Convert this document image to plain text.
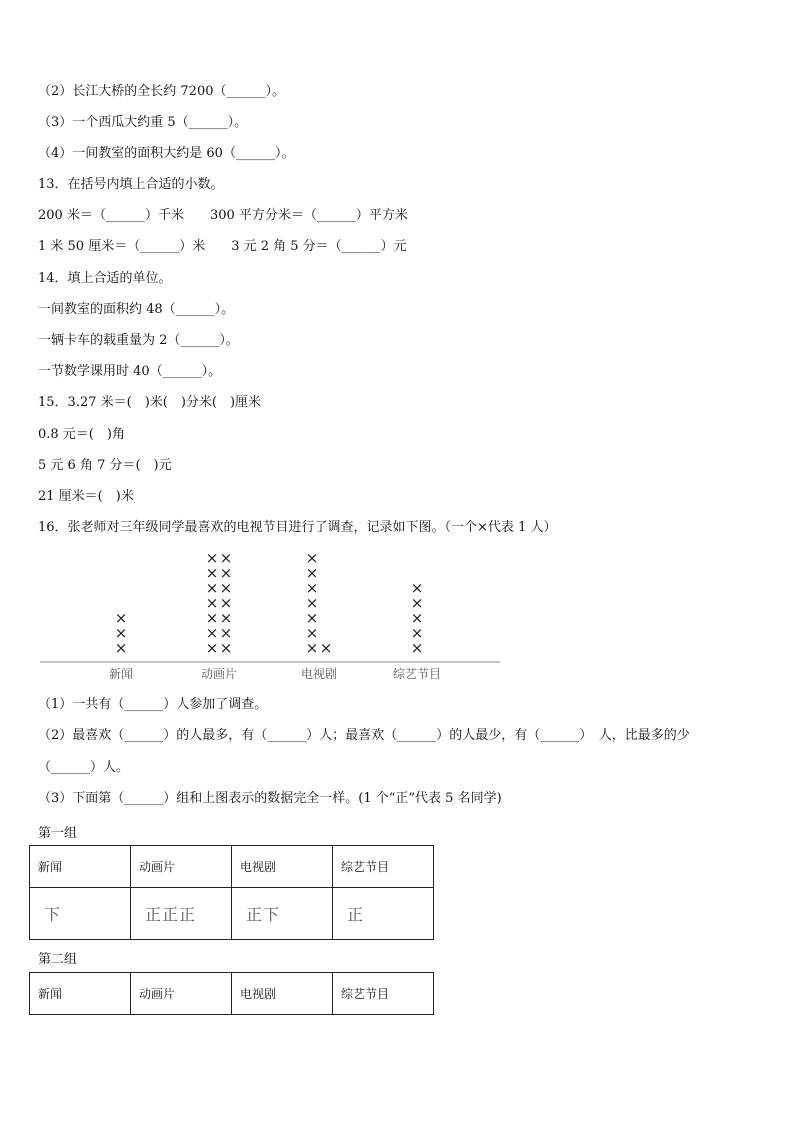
（2）长江大桥的全长约 7200（______）。
（3）一个西瓜大约重 5（______）。
（4）一间教室的面积大约是 60（______）。
13．在括号内填上合适的小数。
200 米＝（______）千米　　300 平方分米＝（______）平方米
1 米 50 厘米＝（______）米　　3 元 2 角 5 分＝（______）元
14．填上合适的单位。
一间教室的面积约 48（______）。
一辆卡车的载重量为 2（______）。
一节数学课用时 40（______）。
15．3.27 米＝(　)米(　)分米(　)厘米
0.8 元＝(　)角
5 元 6 角 7 分＝(　)元
21 厘米＝(　)米
16．张老师对三年级同学最喜欢的电视节目进行了调查，记录如下图。（一个×代表 1 人）
×
×
×
新闻
×
×
×
×
×
×
×
×
×
×
×
×
×
×
动画片
×
×
×
×
×
×
×
×
电视剧
×
×
×
×
×
综艺节目
（1）一共有（______）人参加了调查。
（2）最喜欢（______）的人最多，有（______）人；最喜欢（______）的人最少，有（______）　人，比最多的少
（______）人。
（3）下面第（______）组和上图表示的数据完全一样。(1 个“正”代表 5 名同学)
第一组
新闻	动画片	电视剧	综艺节目
下	正正正	正下	正
第二组
新闻	动画片	电视剧	综艺节目
